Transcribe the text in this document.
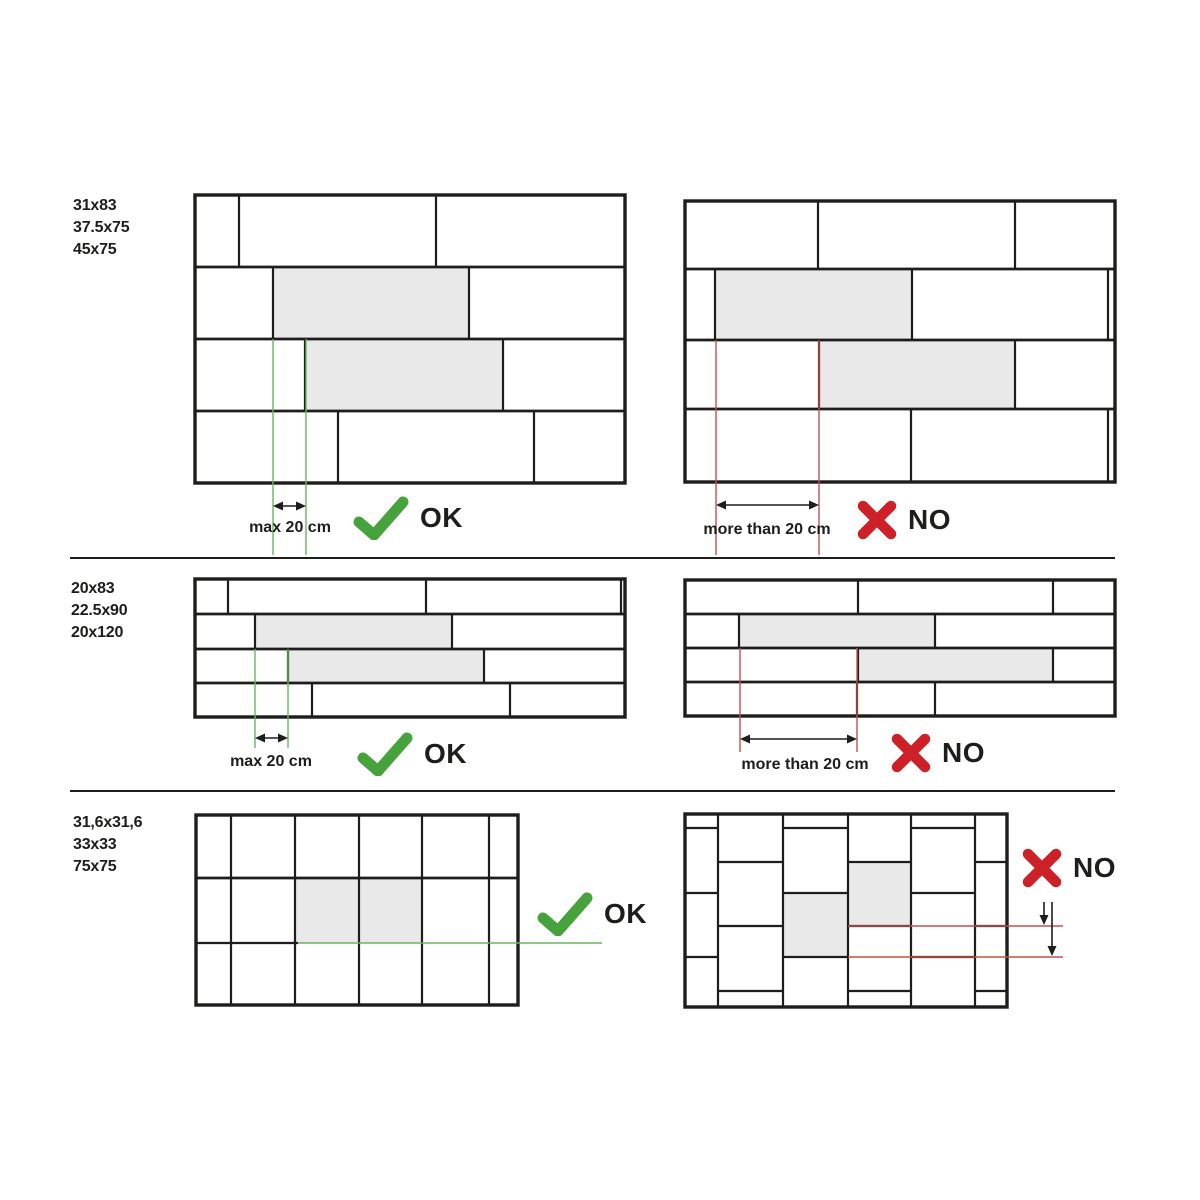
31x83
37.5x75
45x75
20x83
22.5x90
20x120
31,6x31,6
33x33
75x75
max 20 cm	more than 20 cm
max 20 cm	more than 20 cm
OK	NO
OK	NO
OK
NO
